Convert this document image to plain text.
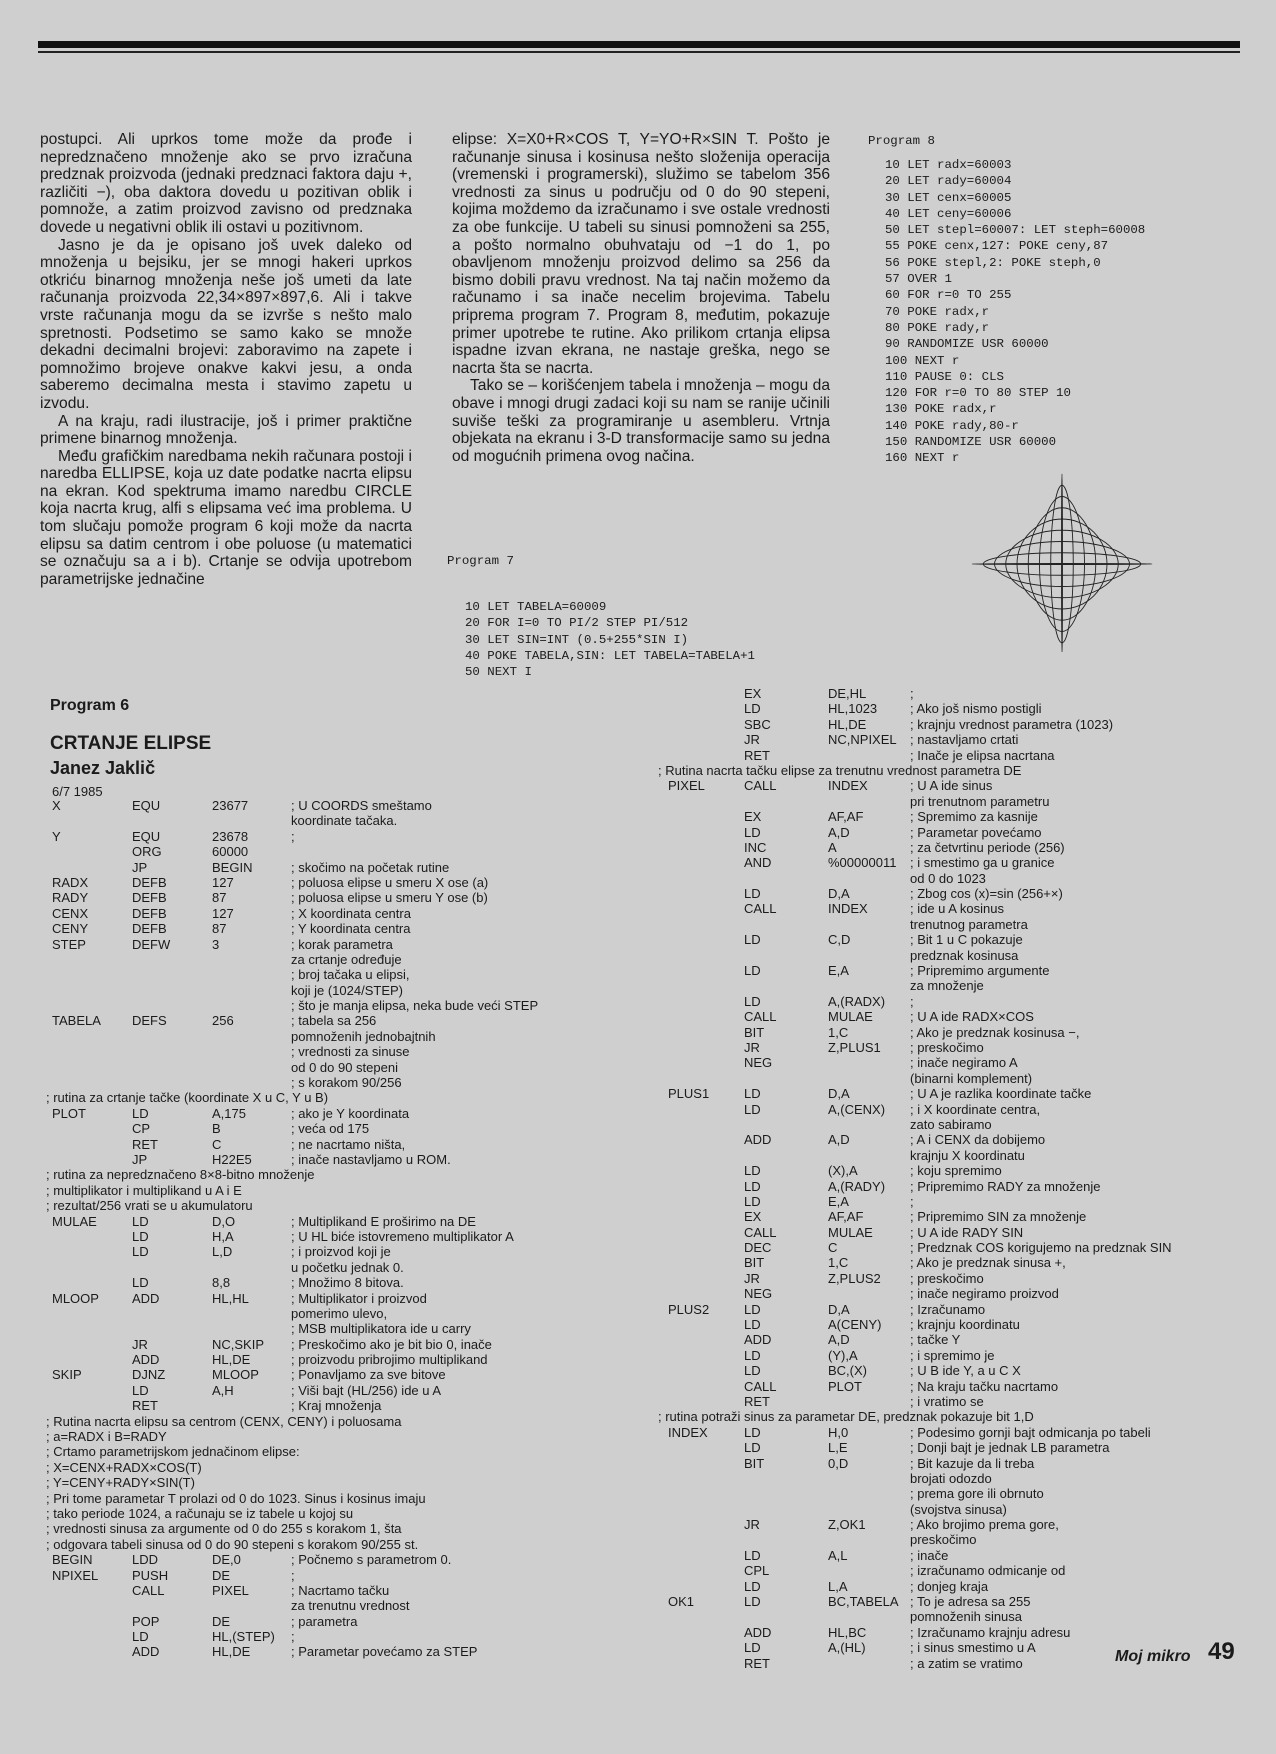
postupci. Ali uprkos tome može da prođe i nepredznačeno množenje ako se prvo izračuna predznak proizvoda (jednaki predznaci faktora daju +, različiti −), oba daktora dovedu u pozitivan oblik i pomnože, a zatim proizvod zavisno od predznaka dovede u negativni oblik ili ostavi u pozitivnom.

Jasno je da je opisano još uvek daleko od množenja u bejsiku, jer se mnogi hakeri uprkos otkriću binarnog množenja neše još umeti da late računanja proizvoda 22,34×897×897,6. Ali i takve vrste računanja mogu da se izvrše s nešto malo spretnosti. Podsetimo se samo kako se množe dekadni decimalni brojevi: zaboravimo na zapete i pomnožimo brojeve onakve kakvi jesu, a onda saberemo decimalna mesta i stavimo zapetu u izvodu.

A na kraju, radi ilustracije, još i primer praktične primene binarnog množenja.

Među grafičkim naredbama nekih računara postoji i naredba ELLIPSE, koja uz date podatke nacrta elipsu na ekran. Kod spektruma imamo naredbu CIRCLE koja nacrta krug, alfi s elipsama već ima problema. U tom slučaju pomože program 6 koji može da nacrta elipsu sa datim centrom i obe poluose (u matematici se označuju sa a i b). Crtanje se odvija upotrebom parametrijske jednačine

elipse: X=X0+R×COS T, Y=YO+R×SIN T. Pošto je računanje sinusa i kosinusa nešto složenija operacija (vremenski i programerski), služimo se tabelom 356 vrednosti za sinus u području od 0 do 90 stepeni, kojima moždemo da izračunamo i sve ostale vrednosti za obe funkcije. U tabeli su sinusi pomnoženi sa 255, a pošto normalno obuhvataju od −1 do 1, po obavljenom množenju proizvod delimo sa 256 da bismo dobili pravu vrednost. Na taj način možemo da računamo i sa inače necelim brojevima. Tabelu priprema program 7. Program 8, međutim, pokazuje primer upotrebe te rutine. Ako prilikom crtanja elipsa ispadne izvan ekrana, ne nastaje greška, nego se nacrta šta se nacrta.

Tako se – korišćenjem tabela i množenja – mogu da obave i mnogi drugi zadaci koji su nam se ranije učinili suviše teški za programiranje u asembleru. Vrtnja objekata na ekranu i 3-D transformacije samo su jedna od mogućnih primena ovog načina.

Program 8
10 LET radx=60003
20 LET rady=60004
30 LET cenx=60005
40 LET ceny=60006
50 LET stepl=60007: LET steph=60008
55 POKE cenx,127: POKE ceny,87
56 POKE stepl,2: POKE steph,0
57 OVER 1
60 FOR r=0 TO 255
70 POKE radx,r
80 POKE rady,r
90 RANDOMIZE USR 60000
100 NEXT r
110 PAUSE 0: CLS
120 FOR r=0 TO 80 STEP 10
130 POKE radx,r
140 POKE rady,80-r
150 RANDOMIZE USR 60000
160 NEXT r
Program 7
10 LET TABELA=60009
20 FOR I=0 TO PI/2 STEP PI/512
30 LET SIN=INT (0.5+255*SIN I)
40 POKE TABELA,SIN: LET TABELA=TABELA+1
50 NEXT I
Program 6
CRTANJE ELIPSE
Janez Jaklič
6/7 1985
X	EQU	23677	; U COORDS smeštamo
koordinate tačaka.
Y	EQU	23678	;
ORG	60000
JP	BEGIN	; skočimo na početak rutine
RADX	DEFB	127	; poluosa elipse u smeru X ose (a)
RADY	DEFB	87	; poluosa elipse u smeru Y ose (b)
CENX	DEFB	127	; X koordinata centra
CENY	DEFB	87	; Y koordinata centra
STEP	DEFW	3	; korak parametra
za crtanje određuje
; broj tačaka u elipsi,
koji je (1024/STEP)
; što je manja elipsa, neka bude veći STEP
TABELA DEFS	256	; tabela sa 256
pomnoženih jednobajtnih
; vrednosti za sinuse
od 0 do 90 stepeni
; s korakom 90/256
; rutina za crtanje tačke (koordinate X u C, Y u B)
PLOT	LD	A,175	; ako je Y koordinata
CP	B	; veća od 175
RET	C	; ne nacrtamo ništa,
JP	H22E5	; inače nastavljamo u ROM.
; rutina za nepredznačeno 8×8-bitno množenje
; multiplikator i multiplikand u A i E
; rezultat/256 vrati se u akumulatoru
MULAE	LD	D,O	; Multiplikand E proširimo na DE
LD	H,A	; U HL biće istovremeno multiplikator A
LD	L,D	; i proizvod koji je
u početku jednak 0.
LD	8,8	; Množimo 8 bitova.
MLOOP	ADD	HL,HL	; Multiplikator i proizvod
pomerimo ulevo,
; MSB multiplikatora ide u carry
JR	NC,SKIP ; Preskočimo ako je bit bio 0, inače
ADD	HL,DE	; proizvodu pribrojimo multiplikand
SKIP	DJNZ	MLOOP ; Ponavljamo za sve bitove
LD	A,H	; Viši bajt (HL/256) ide u A
RET	; Kraj množenja
; Rutina nacrta elipsu sa centrom (CENX, CENY) i poluosama
; a=RADX i B=RADY
; Crtamo parametrijskom jednačinom elipse:
; X=CENX+RADX×COS(T)
; Y=CENY+RADY×SIN(T)
; Pri tome parametar T prolazi od 0 do 1023. Sinus i kosinus imaju
; tako periode 1024, a računaju se iz tabele u kojoj su
; vrednosti sinusa za argumente od 0 do 255 s korakom 1, šta
; odgovara tabeli sinusa od 0 do 90 stepeni s korakom 90/255 st.
BEGIN	LDD	DE,0	; Počnemo s parametrom 0.
NPIXEL	PUSH	DE	;
CALL	PIXEL	; Nacrtamo tačku
za trenutnu vrednost
POP	DE	; parametra
LD	HL,(STEP) ;
ADD	HL,DE	; Parametar povećamo za STEP
EX	DE,HL	;
LD	HL,1023	; Ako još nismo postigli
SBC	HL,DE	; krajnju vrednost parametra (1023)
JR	NC,NPIXEL ; nastavljamo crtati
RET	; Inače je elipsa nacrtana
; Rutina nacrta tačku elipse za trenutnu vrednost parametra DE
PIXEL	CALL	INDEX	; U A ide sinus
pri trenutnom parametru
EX	AF,AF	; Spremimo za kasnije
LD	A,D	; Parametar povećamo
INC	A	; za četvrtinu periode (256)
AND	%00000011 ; i smestimo ga u granice
od 0 do 1023
LD	D,A	; Zbog cos (x)=sin (256+×)
CALL	INDEX	; ide u A kosinus
trenutnog parametra
LD	C,D	; Bit 1 u C pokazuje
predznak kosinusa
LD	E,A	; Pripremimo argumente
za množenje
LD	A,(RADX) ;
CALL	MULAE	; U A ide RADX×COS
BIT	1,C	; Ako je predznak kosinusa −,
JR	Z,PLUS1 ; preskočimo
NEG	; inače negiramo A
(binarni komplement)
PLUS1	LD	D,A	; U A je razlika koordinate tačke
LD	A,(CENX) ; i X koordinate centra,
zato sabiramo
ADD	A,D	; A i CENX da dobijemo
krajnju X koordinatu
LD	(X),A	; koju spremimo
LD	A,(RADY) ; Pripremimo RADY za množenje
LD	E,A	;
EX	AF,AF	; Pripremimo SIN za množenje
CALL	MULAE	; U A ide RADY SIN
DEC	C	; Predznak COS korigujemo na predznak SIN
BIT	1,C	; Ako je predznak sinusa +,
JR	Z,PLUS2 ; preskočimo
NEG	; inače negiramo proizvod
PLUS2	LD	D,A	; Izračunamo
LD	A(CENY) ; krajnju koordinatu
ADD	A,D	; tačke Y
LD	(Y),A	; i spremimo je
LD	BC,(X)	; U B ide Y, a u C X
CALL	PLOT	; Na kraju tačku nacrtamo
RET	; i vratimo se
; rutina potraži sinus za parametar DE, predznak pokazuje bit 1,D
INDEX	LD	H,0	; Podesimo gornji bajt odmicanja po tabeli
LD	L,E	; Donji bajt je jednak LB parametra
BIT	0,D	; Bit kazuje da li treba
brojati odozdo
; prema gore ili obrnuto
(svojstva sinusa)
JR	Z,OK1	; Ako brojimo prema gore,
preskočimo
LD	A,L	; inače
CPL	; izračunamo odmicanje od
LD	L,A	; donjeg kraja
OK1	LD	BC,TABELA ; To je adresa sa 255
pomnoženih sinusa
ADD	HL,BC	; Izračunamo krajnju adresu
LD	A,(HL)	; i sinus smestimo u A
RET	; a zatim se vratimo	Moj mikro 49
